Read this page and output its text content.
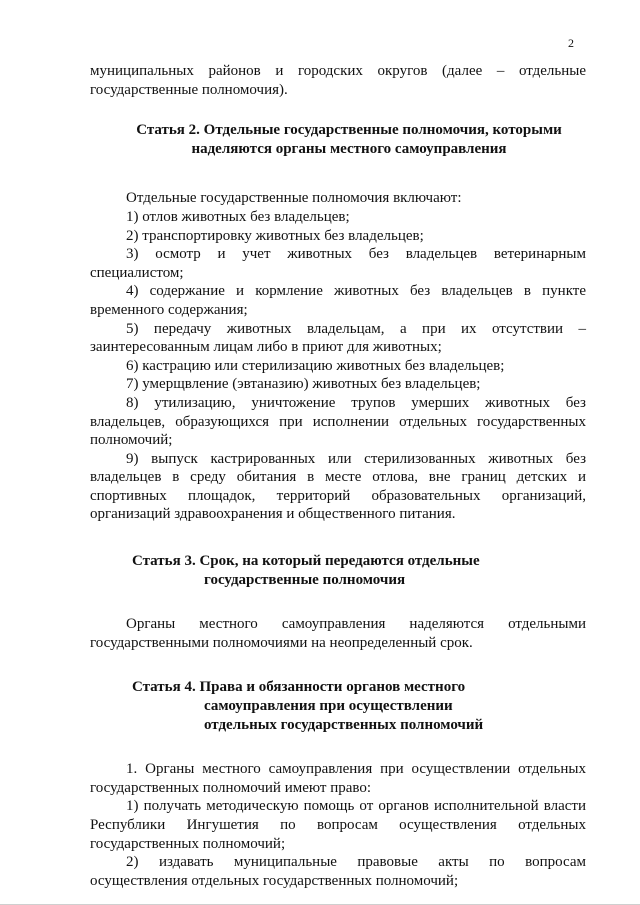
2

муниципальных районов и городских округов (далее – отдельные государственные полномочия).

Статья 2. Отдельные государственные полномочия, которыми
наделяются органы местного самоуправления

Отдельные государственные полномочия включают:

1) отлов животных без владельцев;

2) транспортировку животных без владельцев;

3) осмотр и учет животных без владельцев ветеринарным специалистом;

4) содержание и кормление животных без владельцев в пункте временного содержания;

5) передачу животных владельцам, а при их отсутствии – заинтересованным лицам либо в приют для животных;

6) кастрацию или стерилизацию животных без владельцев;

7) умерщвление (эвтаназию) животных без владельцев;

8) утилизацию, уничтожение трупов умерших животных без владельцев, образующихся при исполнении отдельных государственных полномочий;

9) выпуск кастрированных или стерилизованных животных без владельцев в среду обитания в месте отлова, вне границ детских и спортивных площадок, территорий образовательных организаций, организаций здравоохранения и общественного питания.

Статья 3. Срок, на который передаются отдельные
государственные полномочия

Органы местного самоуправления наделяются отдельными государственными полномочиями на неопределенный срок.

Статья 4. Права и обязанности органов местного
самоуправления при осуществлении
отдельных государственных полномочий

1. Органы местного самоуправления при осуществлении отдельных государственных полномочий имеют право:

1) получать методическую помощь от органов исполнительной власти Республики Ингушетия по вопросам осуществления отдельных государственных полномочий;

2) издавать муниципальные правовые акты по вопросам осуществления отдельных государственных полномочий;
